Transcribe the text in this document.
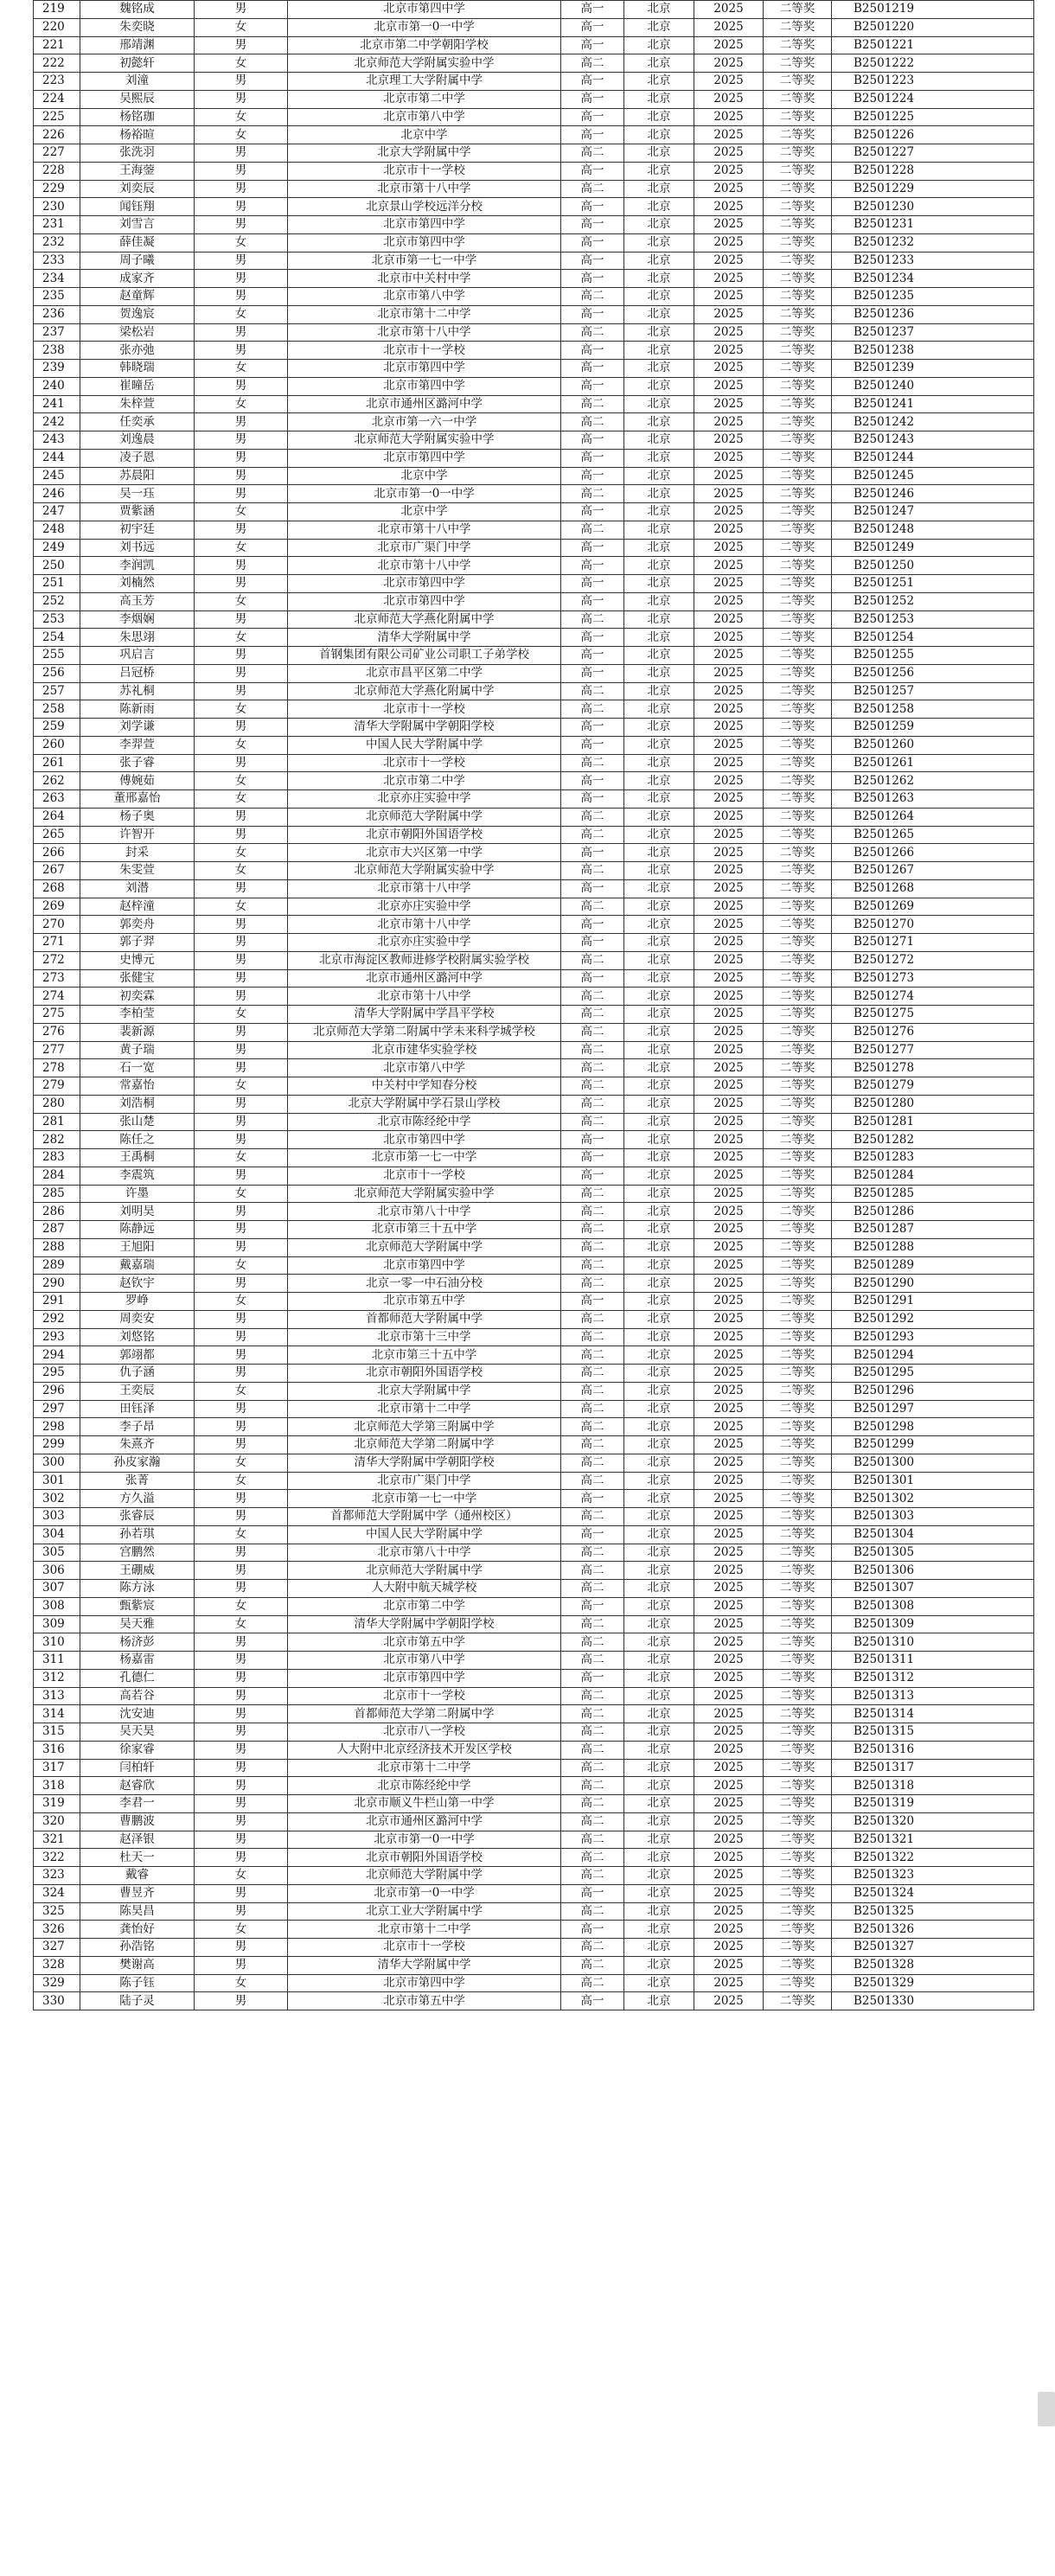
219	魏铭成	男	北京市第四中学	高一	北京	2025	二等奖	B2501219
220	朱奕晓	女	北京市第一0一中学	高一	北京	2025	二等奖	B2501220
221	邢靖渊	男	北京市第二中学朝阳学校	高一	北京	2025	二等奖	B2501221
222	初懿轩	女	北京师范大学附属实验中学	高二	北京	2025	二等奖	B2501222
223	刘潼	男	北京理工大学附属中学	高一	北京	2025	二等奖	B2501223
224	吴熙辰	男	北京市第二中学	高一	北京	2025	二等奖	B2501224
225	杨铭珈	女	北京市第八中学	高一	北京	2025	二等奖	B2501225
226	杨裕暄	女	北京中学	高一	北京	2025	二等奖	B2501226
227	张洗羽	男	北京大学附属中学	高二	北京	2025	二等奖	B2501227
228	王海蓥	男	北京市十一学校	高一	北京	2025	二等奖	B2501228
229	刘奕辰	男	北京市第十八中学	高二	北京	2025	二等奖	B2501229
230	闻钰翔	男	北京景山学校远洋分校	高一	北京	2025	二等奖	B2501230
231	刘雪言	男	北京市第四中学	高一	北京	2025	二等奖	B2501231
232	薛佳凝	女	北京市第四中学	高一	北京	2025	二等奖	B2501232
233	周子曦	男	北京市第一七一中学	高一	北京	2025	二等奖	B2501233
234	成家齐	男	北京市中关村中学	高一	北京	2025	二等奖	B2501234
235	赵童辉	男	北京市第八中学	高二	北京	2025	二等奖	B2501235
236	贺逸宸	女	北京市第十二中学	高一	北京	2025	二等奖	B2501236
237	梁松岩	男	北京市第十八中学	高二	北京	2025	二等奖	B2501237
238	张亦弛	男	北京市十一学校	高一	北京	2025	二等奖	B2501238
239	韩晓瑞	女	北京市第四中学	高一	北京	2025	二等奖	B2501239
240	崔曈岳	男	北京市第四中学	高一	北京	2025	二等奖	B2501240
241	朱梓萱	女	北京市通州区潞河中学	高二	北京	2025	二等奖	B2501241
242	任奕承	男	北京市第一六一中学	高二	北京	2025	二等奖	B2501242
243	刘逸晨	男	北京师范大学附属实验中学	高一	北京	2025	二等奖	B2501243
244	凌子恩	男	北京市第四中学	高一	北京	2025	二等奖	B2501244
245	苏晨阳	男	北京中学	高一	北京	2025	二等奖	B2501245
246	吴一珏	男	北京市第一0一中学	高二	北京	2025	二等奖	B2501246
247	贾紫涵	女	北京中学	高一	北京	2025	二等奖	B2501247
248	初宇廷	男	北京市第十八中学	高二	北京	2025	二等奖	B2501248
249	刘书远	女	北京市广渠门中学	高一	北京	2025	二等奖	B2501249
250	李润凯	男	北京市第十八中学	高一	北京	2025	二等奖	B2501250
251	刘楠然	男	北京市第四中学	高一	北京	2025	二等奖	B2501251
252	高玉芳	女	北京市第四中学	高一	北京	2025	二等奖	B2501252
253	李烟娴	男	北京师范大学燕化附属中学	高二	北京	2025	二等奖	B2501253
254	朱思翊	女	清华大学附属中学	高一	北京	2025	二等奖	B2501254
255	巩启言	男	首钢集团有限公司矿业公司职工子弟学校	高一	北京	2025	二等奖	B2501255
256	吕冠桥	男	北京市昌平区第二中学	高一	北京	2025	二等奖	B2501256
257	苏礼桐	男	北京师范大学燕化附属中学	高二	北京	2025	二等奖	B2501257
258	陈新雨	女	北京市十一学校	高二	北京	2025	二等奖	B2501258
259	刘学谦	男	清华大学附属中学朝阳学校	高一	北京	2025	二等奖	B2501259
260	李羿萱	女	中国人民大学附属中学	高一	北京	2025	二等奖	B2501260
261	张子睿	男	北京市十一学校	高二	北京	2025	二等奖	B2501261
262	傅婉茹	女	北京市第二中学	高一	北京	2025	二等奖	B2501262
263	董邢嘉怡	女	北京亦庄实验中学	高一	北京	2025	二等奖	B2501263
264	杨子奥	男	北京师范大学附属中学	高二	北京	2025	二等奖	B2501264
265	许智开	男	北京市朝阳外国语学校	高二	北京	2025	二等奖	B2501265
266	封采	女	北京市大兴区第一中学	高一	北京	2025	二等奖	B2501266
267	朱雯萱	女	北京师范大学附属实验中学	高二	北京	2025	二等奖	B2501267
268	刘潜	男	北京市第十八中学	高一	北京	2025	二等奖	B2501268
269	赵梓潼	女	北京亦庄实验中学	高二	北京	2025	二等奖	B2501269
270	郭奕舟	男	北京市第十八中学	高一	北京	2025	二等奖	B2501270
271	郭子羿	男	北京亦庄实验中学	高一	北京	2025	二等奖	B2501271
272	史博元	男	北京市海淀区教师进修学校附属实验学校	高二	北京	2025	二等奖	B2501272
273	张健宝	男	北京市通州区潞河中学	高一	北京	2025	二等奖	B2501273
274	初奕霖	男	北京市第十八中学	高二	北京	2025	二等奖	B2501274
275	李柏莹	女	清华大学附属中学昌平学校	高二	北京	2025	二等奖	B2501275
276	裴新源	男	北京师范大学第二附属中学未来科学城学校	高二	北京	2025	二等奖	B2501276
277	黄子瑞	男	北京市建华实验学校	高二	北京	2025	二等奖	B2501277
278	石一宽	男	北京市第八中学	高二	北京	2025	二等奖	B2501278
279	常嘉怡	女	中关村中学知春分校	高二	北京	2025	二等奖	B2501279
280	刘浩桐	男	北京大学附属中学石景山学校	高二	北京	2025	二等奖	B2501280
281	张山楚	男	北京市陈经纶中学	高二	北京	2025	二等奖	B2501281
282	陈任之	男	北京市第四中学	高一	北京	2025	二等奖	B2501282
283	王禹桐	女	北京市第一七一中学	高一	北京	2025	二等奖	B2501283
284	李震筑	男	北京市十一学校	高一	北京	2025	二等奖	B2501284
285	许墨	女	北京师范大学附属实验中学	高二	北京	2025	二等奖	B2501285
286	刘明昊	男	北京市第八十中学	高二	北京	2025	二等奖	B2501286
287	陈静远	男	北京市第三十五中学	高二	北京	2025	二等奖	B2501287
288	王旭阳	男	北京师范大学附属中学	高二	北京	2025	二等奖	B2501288
289	戴嘉瑞	女	北京市第四中学	高二	北京	2025	二等奖	B2501289
290	赵钦宇	男	北京一零一中石油分校	高二	北京	2025	二等奖	B2501290
291	罗峥	女	北京市第五中学	高一	北京	2025	二等奖	B2501291
292	周奕安	男	首都师范大学附属中学	高二	北京	2025	二等奖	B2501292
293	刘悠铭	男	北京市第十三中学	高二	北京	2025	二等奖	B2501293
294	郭翊都	男	北京市第三十五中学	高二	北京	2025	二等奖	B2501294
295	仇子涵	男	北京市朝阳外国语学校	高二	北京	2025	二等奖	B2501295
296	王奕辰	女	北京大学附属中学	高二	北京	2025	二等奖	B2501296
297	田钰泽	男	北京市第十二中学	高二	北京	2025	二等奖	B2501297
298	李子昂	男	北京师范大学第三附属中学	高二	北京	2025	二等奖	B2501298
299	朱熹齐	男	北京师范大学第二附属中学	高二	北京	2025	二等奖	B2501299
300	孙皮家瀚	女	清华大学附属中学朝阳学校	高二	北京	2025	二等奖	B2501300
301	张菁	女	北京市广渠门中学	高二	北京	2025	二等奖	B2501301
302	方久溢	男	北京市第一七一中学	高一	北京	2025	二等奖	B2501302
303	张睿辰	男	首都师范大学附属中学（通州校区）	高二	北京	2025	二等奖	B2501303
304	孙若琪	女	中国人民大学附属中学	高一	北京	2025	二等奖	B2501304
305	宫鹏然	男	北京市第八十中学	高二	北京	2025	二等奖	B2501305
306	王硼威	男	北京师范大学附属中学	高二	北京	2025	二等奖	B2501306
307	陈方泳	男	人大附中航天城学校	高二	北京	2025	二等奖	B2501307
308	甄紫宸	女	北京市第二中学	高一	北京	2025	二等奖	B2501308
309	吴天雅	女	清华大学附属中学朝阳学校	高二	北京	2025	二等奖	B2501309
310	杨济彭	男	北京市第五中学	高二	北京	2025	二等奖	B2501310
311	杨嘉雷	男	北京市第八中学	高二	北京	2025	二等奖	B2501311
312	孔德仁	男	北京市第四中学	高一	北京	2025	二等奖	B2501312
313	高若谷	男	北京市十一学校	高二	北京	2025	二等奖	B2501313
314	沈安迪	男	首都师范大学第二附属中学	高二	北京	2025	二等奖	B2501314
315	吴天昊	男	北京市八一学校	高二	北京	2025	二等奖	B2501315
316	徐家睿	男	人大附中北京经济技术开发区学校	高二	北京	2025	二等奖	B2501316
317	闫柏轩	男	北京市第十二中学	高二	北京	2025	二等奖	B2501317
318	赵睿欣	男	北京市陈经纶中学	高二	北京	2025	二等奖	B2501318
319	李君一	男	北京市顺义牛栏山第一中学	高二	北京	2025	二等奖	B2501319
320	曹鹏波	男	北京市通州区潞河中学	高二	北京	2025	二等奖	B2501320
321	赵泽银	男	北京市第一0一中学	高二	北京	2025	二等奖	B2501321
322	杜天一	男	北京市朝阳外国语学校	高二	北京	2025	二等奖	B2501322
323	戴睿	女	北京师范大学附属中学	高二	北京	2025	二等奖	B2501323
324	曹昱齐	男	北京市第一0一中学	高一	北京	2025	二等奖	B2501324
325	陈昊昌	男	北京工业大学附属中学	高二	北京	2025	二等奖	B2501325
326	龚怡好	女	北京市第十二中学	高一	北京	2025	二等奖	B2501326
327	孙浩铭	男	北京市十一学校	高二	北京	2025	二等奖	B2501327
328	樊谢高	男	清华大学附属中学	高二	北京	2025	二等奖	B2501328
329	陈子钰	女	北京市第四中学	高二	北京	2025	二等奖	B2501329
330	陆子灵	男	北京市第五中学	高一	北京	2025	二等奖	B2501330
